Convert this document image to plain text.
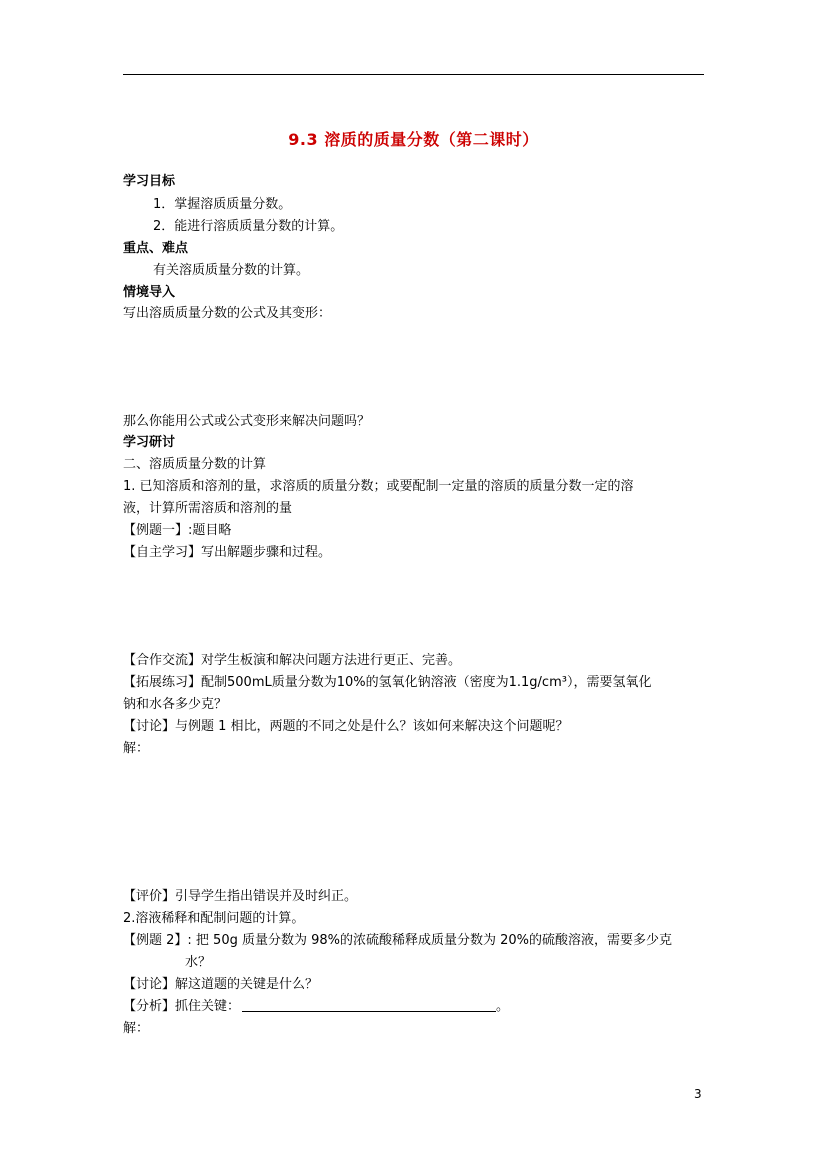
9.3 溶质的质量分数（第二课时）
学习目标
1．掌握溶质质量分数。
2．能进行溶质质量分数的计算。
重点、难点
有关溶质质量分数的计算。
情境导入
写出溶质质量分数的公式及其变形：
那么你能用公式或公式变形来解决问题吗？
学习研讨
二、溶质质量分数的计算
1. 已知溶质和溶剂的量，求溶质的质量分数；或要配制一定量的溶质的质量分数一定的溶
液，计算所需溶质和溶剂的量
【例题一】:题目略
【自主学习】写出解题步骤和过程。
【合作交流】对学生板演和解决问题方法进行更正、完善。
【拓展练习】配制500mL质量分数为10%的氢氧化钠溶液（密度为1.1g/cm³），需要氢氧化
钠和水各多少克？
【讨论】与例题 1 相比，两题的不同之处是什么？该如何来解决这个问题呢？
解：
【评价】引导学生指出错误并及时纠正。
2.溶液稀释和配制问题的计算。
【例题 2】: 把 50g 质量分数为 98%的浓硫酸稀释成质量分数为 20%的硫酸溶液，需要多少克
水？
【讨论】解这道题的关键是什么？
【分析】抓住关键：	。
解：
3
